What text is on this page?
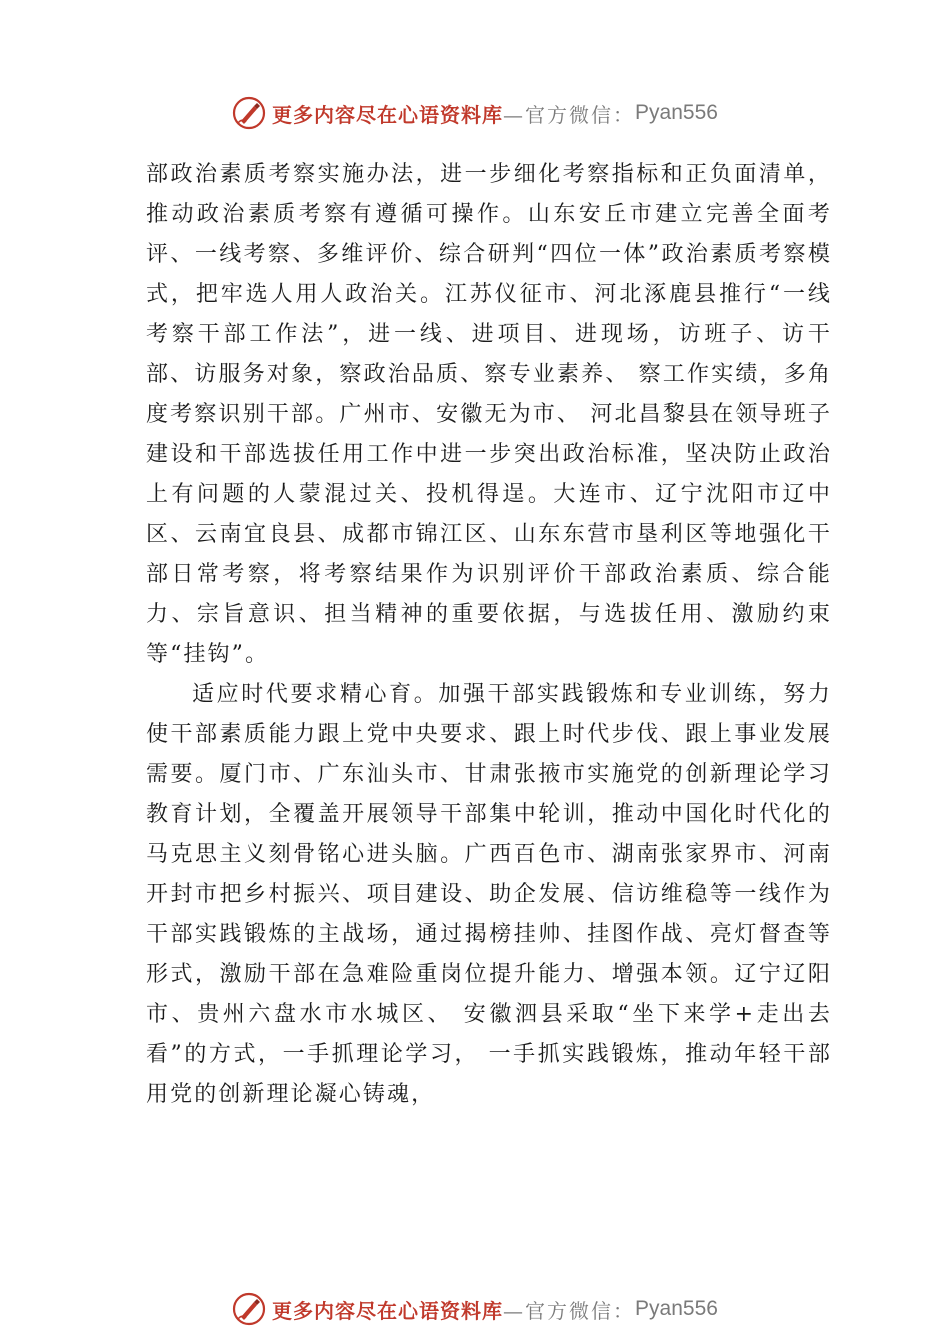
更多内容尽在心语资料库 —官方微信： Pyan556

部政治素质考察实施办法，进一步细化考察指标和正负面清单，推动政治素质考察有遵循可操作。山东安丘市建立完善全面考评、一线考察、多维评价、综合研判“四位一体”政治素质考察模式，把牢选人用人政治关。江苏仪征市、河北涿鹿县推行“一线考察干部工作法”，进一线、进项目、进现场，访班子、访干部、访服务对象，察政治品质、察专业素养、 察工作实绩，多角度考察识别干部。广州市、安徽无为市、 河北昌黎县在领导班子建设和干部选拔任用工作中进一步突出政治标准，坚决防止政治上有问题的人蒙混过关、投机得逞。大连市、辽宁沈阳市辽中区、云南宜良县、成都市锦江区、山东东营市垦利区等地强化干部日常考察，将考察结果作为识别评价干部政治素质、综合能力、宗旨意识、担当精神的重要依据，与选拔任用、激励约束等“挂钩”。

适应时代要求精心育。加强干部实践锻炼和专业训练，努力使干部素质能力跟上党中央要求、跟上时代步伐、跟上事业发展需要。厦门市、广东汕头市、甘肃张掖市实施党的创新理论学习教育计划，全覆盖开展领导干部集中轮训，推动中国化时代化的马克思主义刻骨铭心进头脑。广西百色市、湖南张家界市、河南开封市把乡村振兴、项目建设、助企发展、信访维稳等一线作为干部实践锻炼的主战场，通过揭榜挂帅、挂图作战、亮灯督查等形式，激励干部在急难险重岗位提升能力、增强本领。辽宁辽阳市、贵州六盘水市水城区、 安徽泗县采取“坐下来学+走出去看”的方式，一手抓理论学习， 一手抓实践锻炼，推动年轻干部用党的创新理论凝心铸魂，

更多内容尽在心语资料库 —官方微信： Pyan556
